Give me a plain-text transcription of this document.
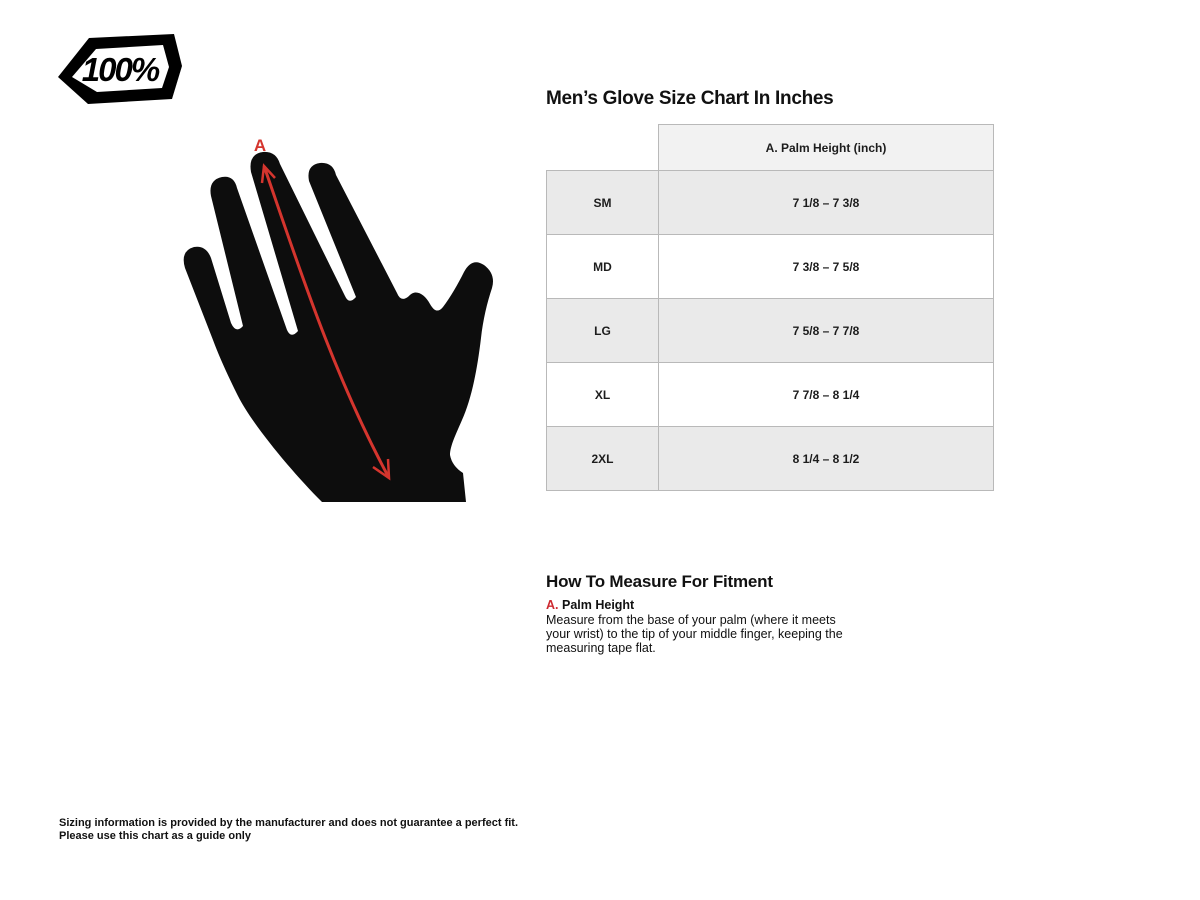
100%
A
Men’s Glove Size Chart In Inches
	A. Palm Height (inch)
SM	7 1/8 – 7 3/8
MD	7 3/8 – 7 5/8
LG	7 5/8 – 7 7/8
XL	7 7/8 – 8 1/4
2XL	8 1/4 – 8 1/2
How To Measure For Fitment
A. Palm Height
Measure from the base of your palm (where it meets your wrist) to the tip of your middle finger, keeping the measuring tape flat.
Sizing information is provided by the manufacturer and does not guarantee a perfect fit.
Please use this chart as a guide only
